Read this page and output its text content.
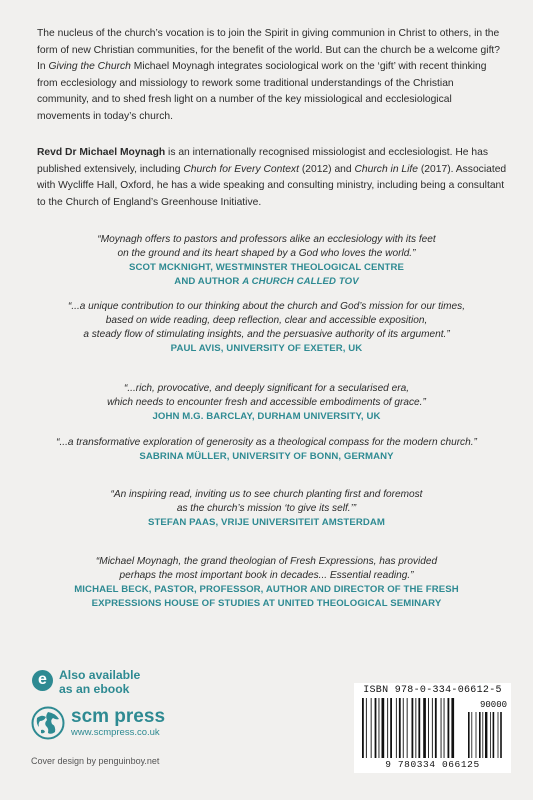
The nucleus of the church’s vocation is to join the Spirit in giving communion in Christ to others, in the form of new Christian communities, for the benefit of the world. But can the church be a welcome gift? In Giving the Church Michael Moynagh integrates sociological work on the ‘gift’ with recent thinking from ecclesiology and missiology to rework some traditional understandings of the Christian community, and to shed fresh light on a number of the key missiological and ecclesiological movements in today’s church.

Revd Dr Michael Moynagh is an internationally recognised missiologist and ecclesiologist. He has published extensively, including Church for Every Context (2012) and Church in Life (2017). Associated with Wycliffe Hall, Oxford, he has a wide speaking and consulting ministry, including being a consultant to the Church of England’s Greenhouse Initiative.

“Moynagh offers to pastors and professors alike an ecclesiology with its feet

on the ground and its heart shaped by a God who loves the world.”

SCOT MCKNIGHT, WESTMINSTER THEOLOGICAL CENTRE

AND AUTHOR A CHURCH CALLED TOV

“...a unique contribution to our thinking about the church and God’s mission for our times,

based on wide reading, deep reflection, clear and accessible exposition,

a steady flow of stimulating insights, and the persuasive authority of its argument.”

PAUL AVIS, UNIVERSITY OF EXETER, UK

“...rich, provocative, and deeply significant for a secularised era,

which needs to encounter fresh and accessible embodiments of grace.”

JOHN M.G. BARCLAY, DURHAM UNIVERSITY, UK

“...a transformative exploration of generosity as a theological compass for the modern church.”

SABRINA MÜLLER, UNIVERSITY OF BONN, GERMANY

“An inspiring read, inviting us to see church planting first and foremost

as the church’s mission ‘to give its self.’”

STEFAN PAAS, VRIJE UNIVERSITEIT AMSTERDAM

“Michael Moynagh, the grand theologian of Fresh Expressions, has provided

perhaps the most important book in decades... Essential reading.”

MICHAEL BECK, PASTOR, PROFESSOR, AUTHOR AND DIRECTOR OF THE FRESH

EXPRESSIONS HOUSE OF STUDIES AT UNITED THEOLOGICAL SEMINARY

e Also available
as an ebook
scm press
www.scmpress.co.uk
Cover design by penguinboy.net
ISBN 978-0-334-06612-5
90000
9 780334 066125
